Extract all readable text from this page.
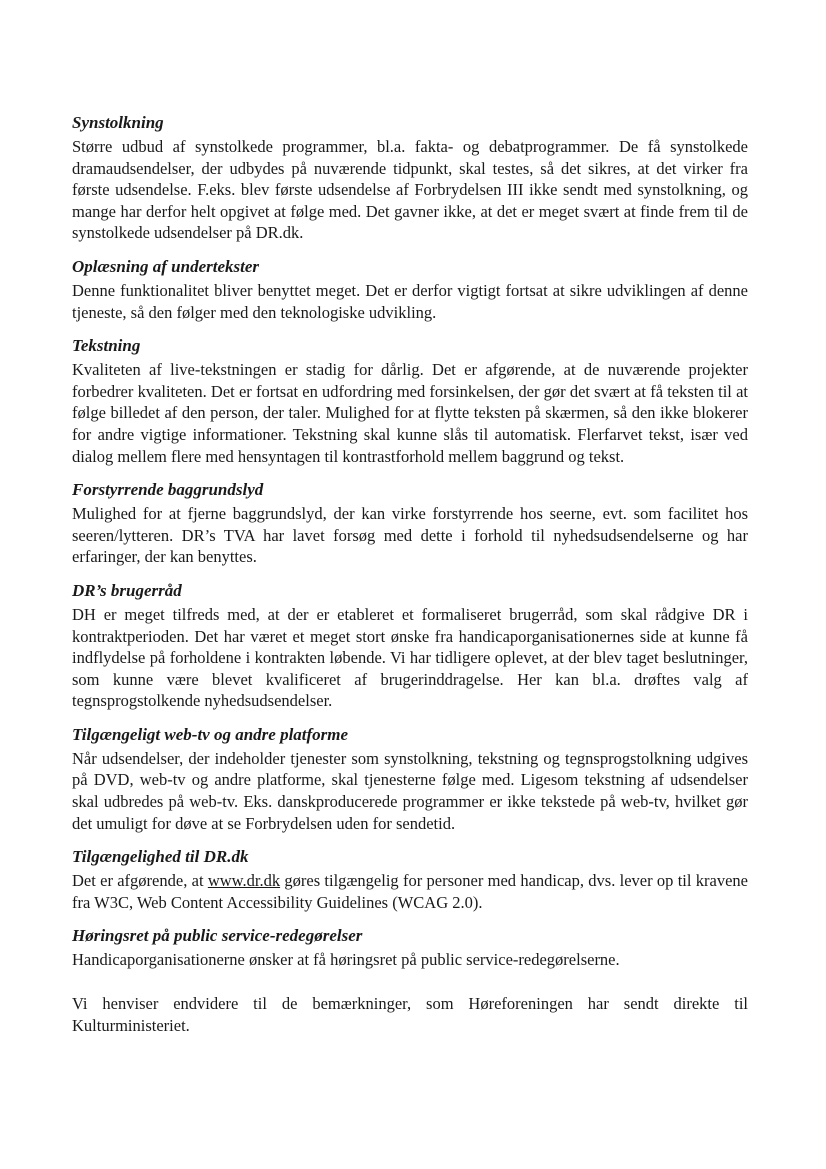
Synstolkning

Større udbud af synstolkede programmer, bl.a. fakta- og debatprogrammer. De få synstolkede dramaudsendelser, der udbydes på nuværende tidpunkt, skal testes, så det sikres, at det virker fra første udsendelse. F.eks. blev første udsendelse af Forbrydelsen III ikke sendt med synstolkning, og mange har derfor helt opgivet at følge med. Det gavner ikke, at det er meget svært at finde frem til de synstolkede udsendelser på DR.dk.

Oplæsning af undertekster

Denne funktionalitet bliver benyttet meget. Det er derfor vigtigt fortsat at sikre udviklingen af denne tjeneste, så den følger med den teknologiske udvikling.

Tekstning

Kvaliteten af live-tekstningen er stadig for dårlig. Det er afgørende, at de nuværende projekter forbedrer kvaliteten. Det er fortsat en udfordring med forsinkelsen, der gør det svært at få teksten til at følge billedet af den person, der taler. Mulighed for at flytte teksten på skærmen, så den ikke blokerer for andre vigtige informationer. Tekstning skal kunne slås til automatisk. Flerfarvet tekst, især ved dialog mellem flere med hensyntagen til kontrastforhold mellem baggrund og tekst.

Forstyrrende baggrundslyd

Mulighed for at fjerne baggrundslyd, der kan virke forstyrrende hos seerne, evt. som facilitet hos seeren/lytteren. DR’s TVA har lavet forsøg med dette i forhold til nyhedsudsendelserne og har erfaringer, der kan benyttes.

DR’s brugerråd

DH er meget tilfreds med, at der er etableret et formaliseret brugerråd, som skal rådgive DR i kontraktperioden. Det har været et meget stort ønske fra handicaporganisationernes side at kunne få indflydelse på forholdene i kontrakten løbende. Vi har tidligere oplevet, at der blev taget beslutninger, som kunne være blevet kvalificeret af brugerinddragelse. Her kan bl.a. drøftes valg af tegnsprogstolkende nyhedsudsendelser.

Tilgængeligt web-tv og andre platforme

Når udsendelser, der indeholder tjenester som synstolkning, tekstning og tegnsprogstolkning udgives på DVD, web-tv og andre platforme, skal tjenesterne følge med. Ligesom tekstning af udsendelser skal udbredes på web-tv. Eks. danskproducerede programmer er ikke tekstede på web-tv, hvilket gør det umuligt for døve at se Forbrydelsen uden for sendetid.

Tilgængelighed til DR.dk

Det er afgørende, at www.dr.dk gøres tilgængelig for personer med handicap, dvs. lever op til kravene fra W3C, Web Content Accessibility Guidelines (WCAG 2.0).

Høringsret på public service-redegørelser

Handicaporganisationerne ønsker at få høringsret på public service-redegørelserne.

Vi henviser endvidere til de bemærkninger, som Høreforeningen har sendt direkte til Kulturministeriet.
